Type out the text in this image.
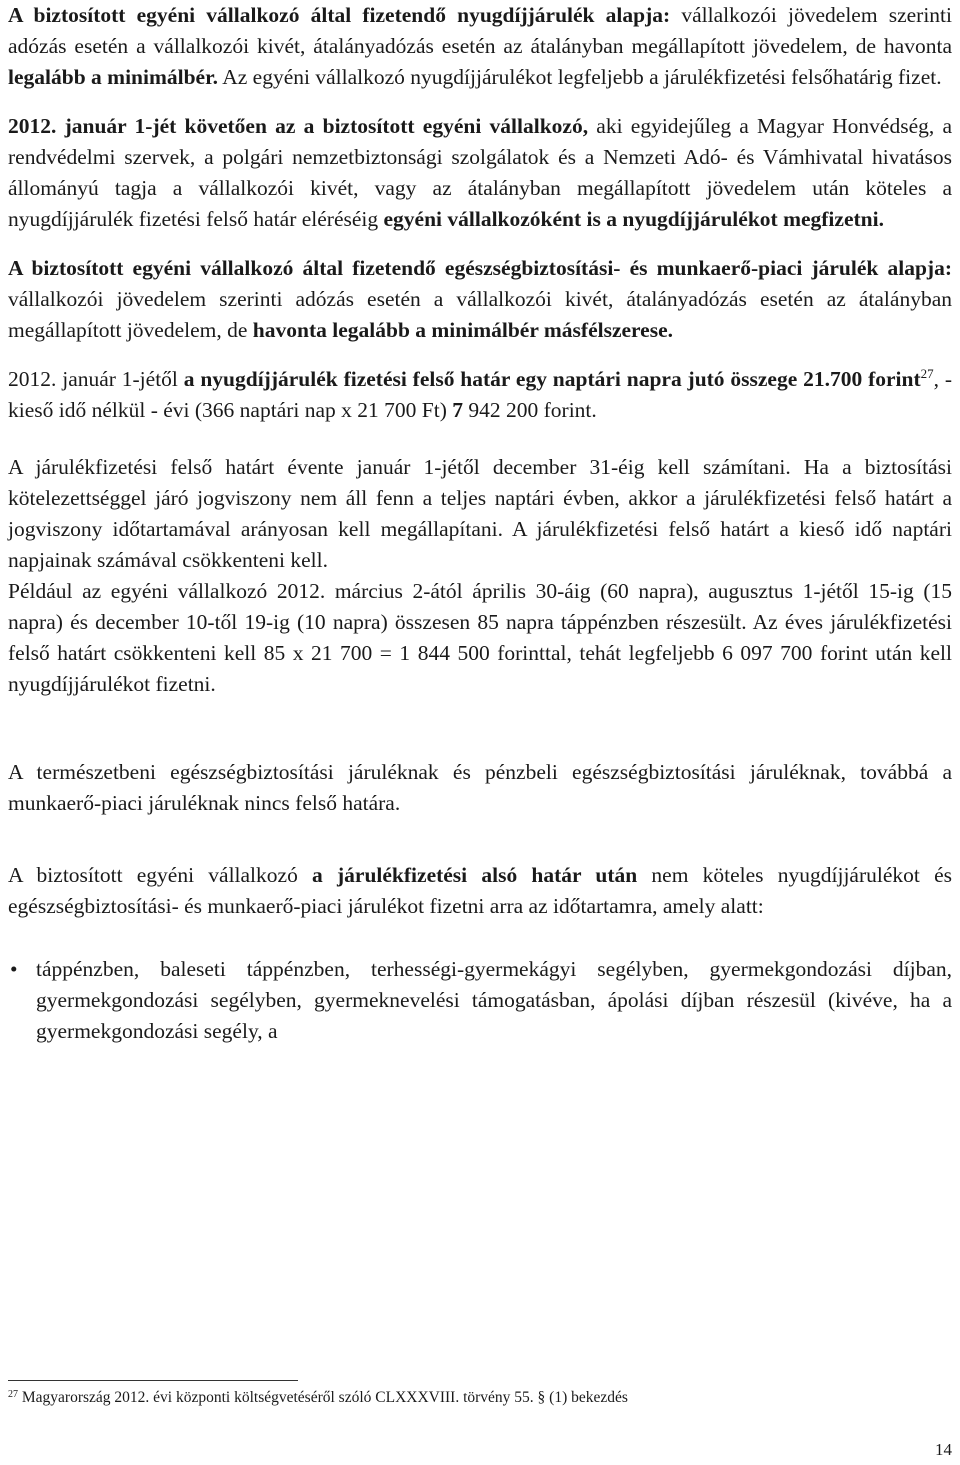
A biztosított egyéni vállalkozó által fizetendő nyugdíjjárulék alapja: vállalkozói jövedelem szerinti adózás esetén a vállalkozói kivét, átalányadózás esetén az átalányban megállapított jövedelem, de havonta legalább a minimálbér. Az egyéni vállalkozó nyugdíjjárulékot legfeljebb a járulékfizetési felsőhatárig fizet.

2012. január 1-jét követően az a biztosított egyéni vállalkozó, aki egyidejűleg a Magyar Honvédség, a rendvédelmi szervek, a polgári nemzetbiztonsági szolgálatok és a Nemzeti Adó- és Vámhivatal hivatásos állományú tagja a vállalkozói kivét, vagy az átalányban megállapított jövedelem után köteles a nyugdíjjárulék fizetési felső határ eléréséig egyéni vállalkozóként is a nyugdíjjárulékot megfizetni.

A biztosított egyéni vállalkozó által fizetendő egészségbiztosítási- és munkaerő-piaci járulék alapja: vállalkozói jövedelem szerinti adózás esetén a vállalkozói kivét, átalányadózás esetén az átalányban megállapított jövedelem, de havonta legalább a minimálbér másfélszerese.

2012. január 1-jétől a nyugdíjjárulék fizetési felső határ egy naptári napra jutó összege 21.700 forint$^{27}$, - kieső idő nélkül - évi (366 naptári nap x 21 700 Ft) 7 942 200 forint.

A járulékfizetési felső határt évente január 1-jétől december 31-éig kell számítani. Ha a biztosítási kötelezettséggel járó jogviszony nem áll fenn a teljes naptári évben, akkor a járulékfizetési felső határt a jogviszony időtartamával arányosan kell megállapítani. A járulékfizetési felső határt a kieső idő naptári napjainak számával csökkenteni kell.

Például az egyéni vállalkozó 2012. március 2-ától április 30-áig (60 napra), augusztus 1-jétől 15-ig (15 napra) és december 10-től 19-ig (10 napra) összesen 85 napra táppénzben részesült. Az éves járulékfizetési felső határt csökkenteni kell 85 x 21 700 = 1 844 500 forinttal, tehát legfeljebb 6 097 700 forint után kell nyugdíjjárulékot fizetni.

A természetbeni egészségbiztosítási járuléknak és pénzbeli egészségbiztosítási járuléknak, továbbá a munkaerő-piaci járuléknak nincs felső határa.

A biztosított egyéni vállalkozó a járulékfizetési alsó határ után nem köteles nyugdíjjárulékot és egészségbiztosítási- és munkaerő-piaci járulékot fizetni arra az időtartamra, amely alatt:

• táppénzben, baleseti táppénzben, terhességi-gyermekágyi segélyben, gyermekgondozási díjban, gyermekgondozási segélyben, gyermeknevelési támogatásban, ápolási díjban részesül (kivéve, ha a gyermekgondozási segély, a
$^{27}$ Magyarország 2012. évi központi költségvetéséről szóló CLXXXVIII. törvény 55. § (1) bekezdés
14
